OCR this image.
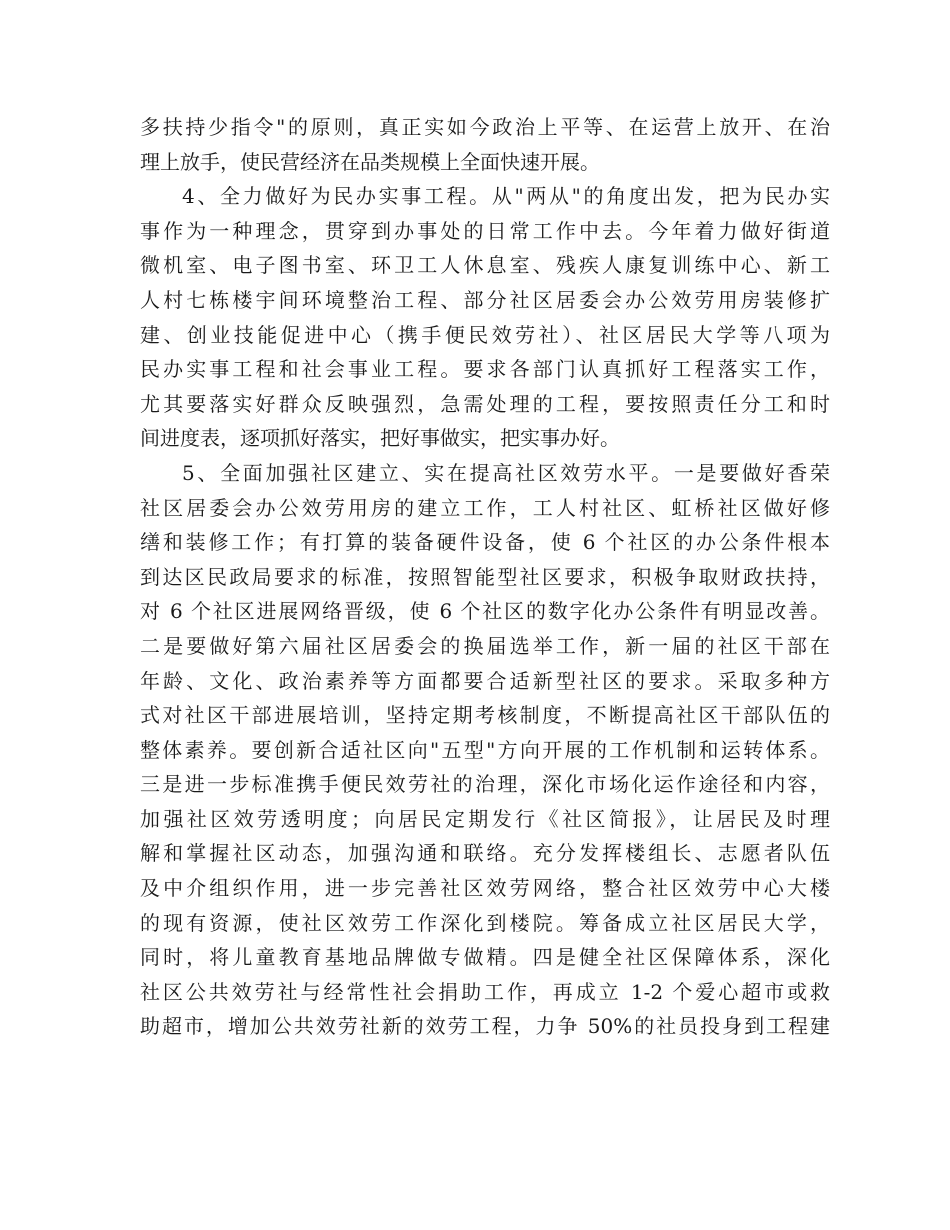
多扶持少指令"的原则，真正实如今政治上平等、在运营上放开、在治
理上放手，使民营经济在品类规模上全面快速开展。
4、全力做好为民办实事工程。从"两从"的角度出发，把为民办实
事作为一种理念，贯穿到办事处的日常工作中去。今年着力做好街道
微机室、电子图书室、环卫工人休息室、残疾人康复训练中心、新工
人村七栋楼宇间环境整治工程、部分社区居委会办公效劳用房装修扩
建、创业技能促进中心（携手便民效劳社）、社区居民大学等八项为
民办实事工程和社会事业工程。要求各部门认真抓好工程落实工作，
尤其要落实好群众反映强烈，急需处理的工程，要按照责任分工和时
间进度表，逐项抓好落实，把好事做实，把实事办好。
5、全面加强社区建立、实在提高社区效劳水平。一是要做好香荣
社区居委会办公效劳用房的建立工作，工人村社区、虹桥社区做好修
缮和装修工作；有打算的装备硬件设备，使 6 个社区的办公条件根本
到达区民政局要求的标准，按照智能型社区要求，积极争取财政扶持，
对 6 个社区进展网络晋级，使 6 个社区的数字化办公条件有明显改善。
二是要做好第六届社区居委会的换届选举工作，新一届的社区干部在
年龄、文化、政治素养等方面都要合适新型社区的要求。采取多种方
式对社区干部进展培训，坚持定期考核制度，不断提高社区干部队伍的
整体素养。要创新合适社区向"五型"方向开展的工作机制和运转体系。
三是进一步标准携手便民效劳社的治理，深化市场化运作途径和内容，
加强社区效劳透明度；向居民定期发行《社区简报》，让居民及时理
解和掌握社区动态，加强沟通和联络。充分发挥楼组长、志愿者队伍
及中介组织作用，进一步完善社区效劳网络，整合社区效劳中心大楼
的现有资源，使社区效劳工作深化到楼院。筹备成立社区居民大学，
同时，将儿童教育基地品牌做专做精。四是健全社区保障体系，深化
社区公共效劳社与经常性社会捐助工作，再成立 1-2 个爱心超市或救
助超市，增加公共效劳社新的效劳工程，力争 50%的社员投身到工程建
